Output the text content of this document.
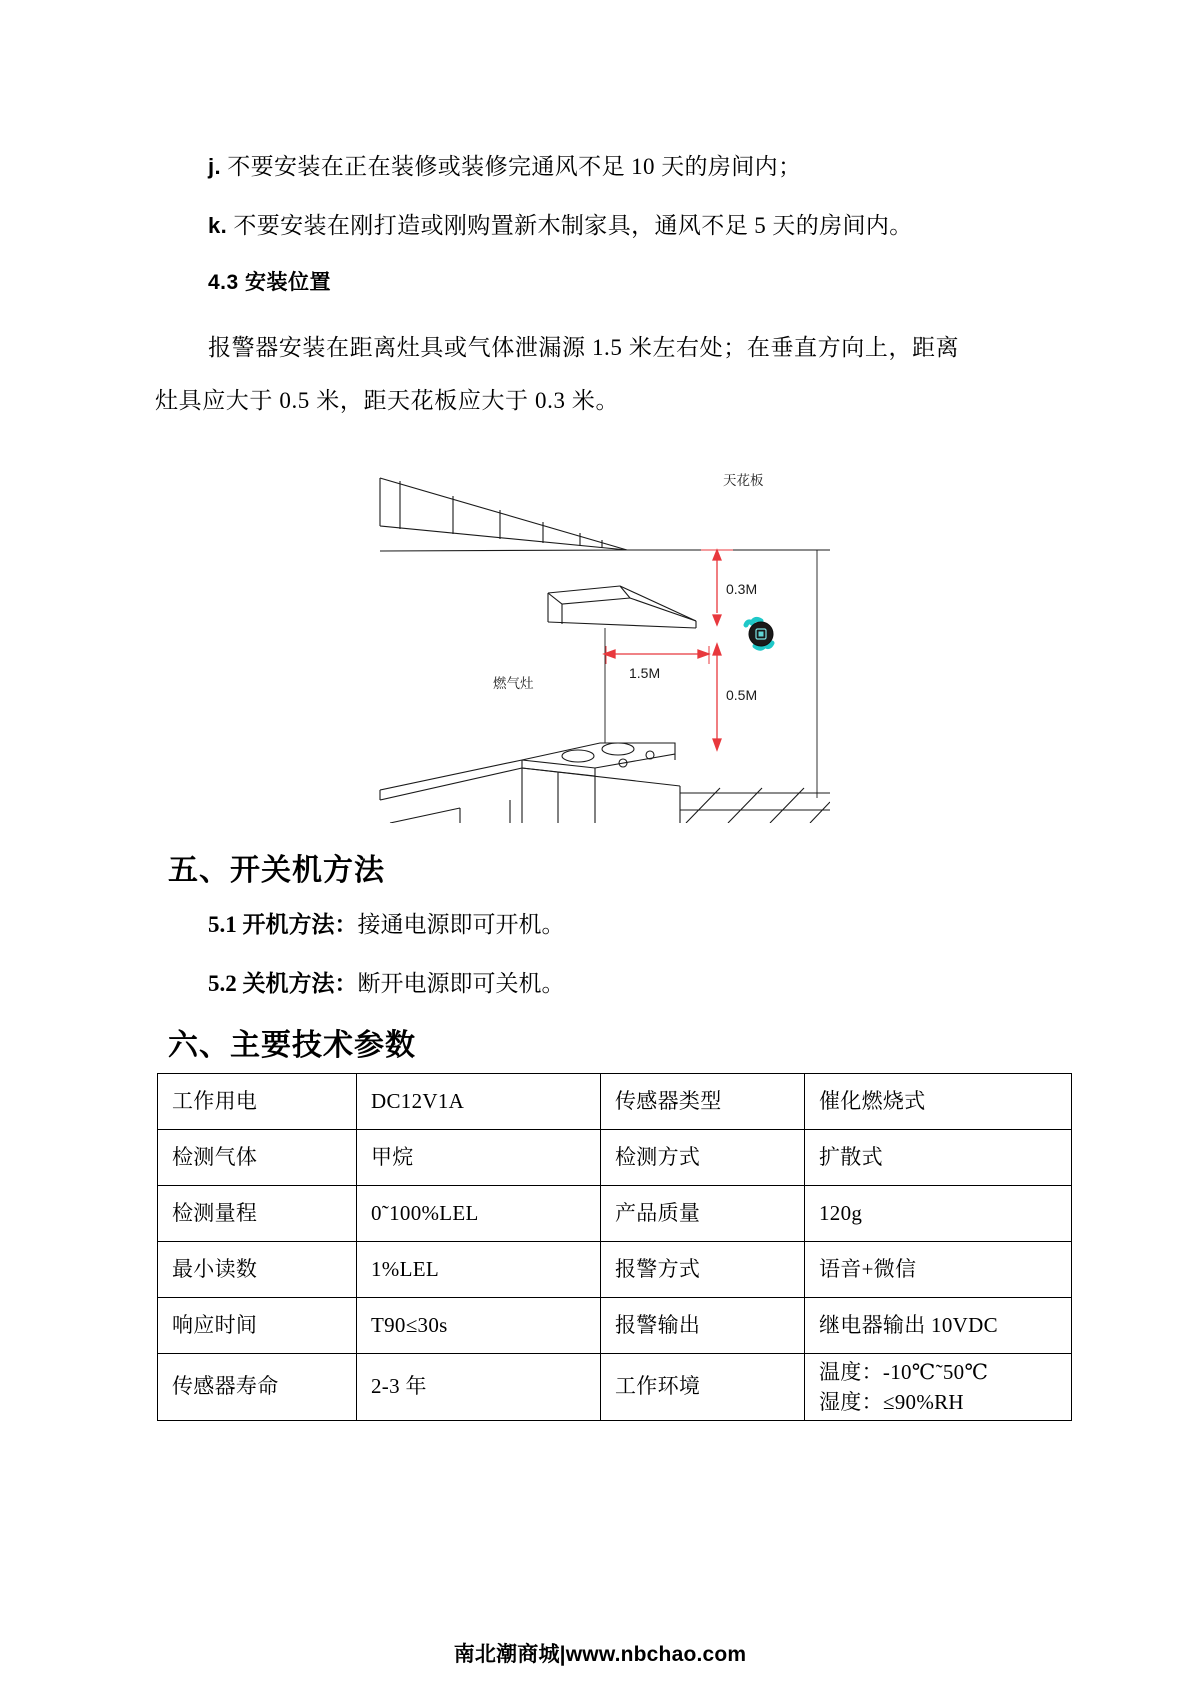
j. 不要安装在正在装修或装修完通风不足 10 天的房间内；
k. 不要安装在刚打造或刚购置新木制家具，通风不足 5 天的房间内。
4.3 安装位置
报警器安装在距离灶具或气体泄漏源 1.5 米左右处；在垂直方向上，距离
灶具应大于 0.5 米，距天花板应大于 0.3 米。
天花板
0.3M
0.5M
1.5M
燃气灶
五、开关机方法
5.1 开机方法：接通电源即可开机。
5.2 关机方法：断开电源即可关机。
六、主要技术参数
工作用电	DC12V1A	传感器类型	催化燃烧式
检测气体	甲烷	检测方式	扩散式
检测量程	0˜100%LEL	产品质量	120g
最小读数	1%LEL	报警方式	语音+微信
响应时间	T90≤30s	报警输出	继电器输出 10VDC
传感器寿命	2-3 年	工作环境	温度：-10℃˜50℃
湿度：≤90%RH
南北潮商城|www.nbchao.com
